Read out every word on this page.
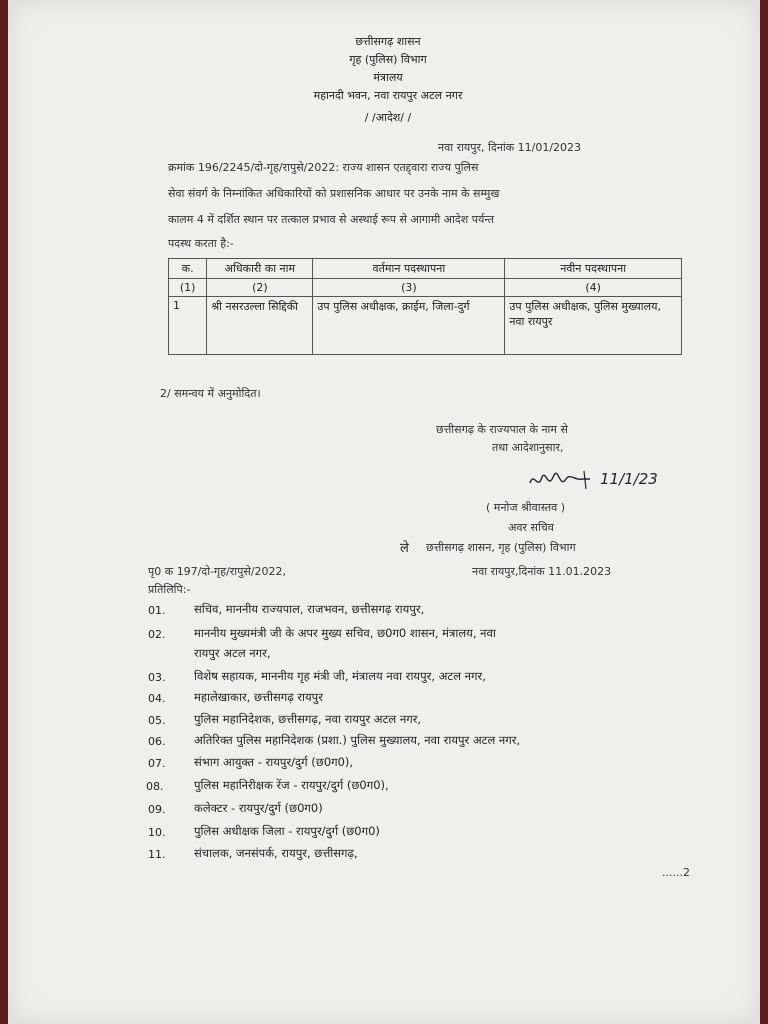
छत्तीसगढ़ शासन
गृह (पुलिस) विभाग
मंत्रालय
महानदी भवन, नवा रायपुर अटल नगर
/ /आदेश/ /
नवा रायपुर, दिनांक 11/01/2023
क्रमांक 196/2245/दो-गृह/रापुसे/2022: राज्य शासन एतद्द्वारा राज्य पुलिस
सेवा संवर्ग के निम्नांकित अधिकारियों को प्रशासनिक आधार पर उनके नाम के सम्मुख
कालम 4 में दर्शित स्थान पर तत्काल प्रभाव से अस्थाई रूप से आगामी आदेश पर्यन्त
पदस्थ करता है:-
क.	अधिकारी का नाम	वर्तमान पदस्थापना	नवीन पदस्थापना
(1)	(2)	(3)	(4)
1	श्री नसरउल्ला सिद्दिकी	उप पुलिस अधीक्षक, क्राईम, जिला-दुर्ग	उप पुलिस अधीक्षक, पुलिस मुख्यालय, नवा रायपुर
2/ समन्वय में अनुमोदित।
छत्तीसगढ़ के राज्यपाल के नाम से
तथा आदेशानुसार,
11/1/23
( मनोज श्रीवास्तव )
अवर सचिव
ले छत्तीसगढ़ शासन, गृह (पुलिस) विभाग
पृ0 क 197/दो-गृह/रापुसे/2022,	नवा रायपुर,दिनांक 11.01.2023
प्रतिलिपि:-
01. सचिव, माननीय राज्यपाल, राजभवन, छत्तीसगढ़ रायपुर,
02. माननीय मुख्यमंत्री जी के अपर मुख्य सचिव, छ0ग0 शासन, मंत्रालय, नवा
रायपुर अटल नगर,
03. विशेष सहायक, माननीय गृह मंत्री जी, मंत्रालय नवा रायपुर, अटल नगर,
04. महालेखाकार, छत्तीसगढ़ रायपुर
05. पुलिस महानिदेशक, छत्तीसगढ़, नवा रायपुर अटल नगर,
06. अतिरिक्त पुलिस महानिदेशक (प्रशा.) पुलिस मुख्यालय, नवा रायपुर अटल नगर,
07. संभाग आयुक्त - रायपुर/दुर्ग (छ0ग0),
08.	पुलिस महानिरीक्षक रेंज - रायपुर/दुर्ग (छ0ग0),
09. कलेक्टर - रायपुर/दुर्ग (छ0ग0)
10. पुलिस अधीक्षक जिला - रायपुर/दुर्ग (छ0ग0)
11. संचालक, जनसंपर्क, रायपुर, छत्तीसगढ़,
......2
